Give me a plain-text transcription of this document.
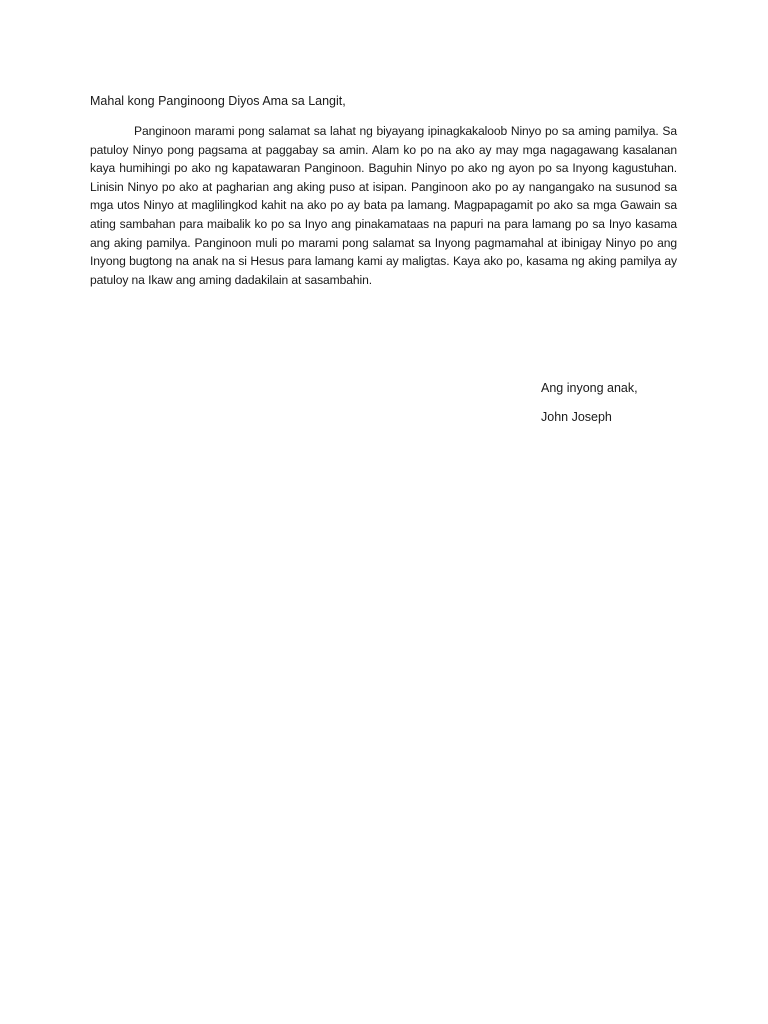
Mahal kong Panginoong Diyos Ama sa Langit,

Panginoon marami pong salamat sa lahat ng biyayang ipinagkakaloob Ninyo po sa aming pamilya. Sa patuloy Ninyo pong pagsama at paggabay sa amin. Alam ko po na ako ay may mga nagagawang kasalanan kaya humihingi po ako ng kapatawaran Panginoon. Baguhin Ninyo po ako ng ayon po sa Inyong kagustuhan. Linisin Ninyo po ako at pagharian ang aking puso at isipan. Panginoon ako po ay nangangako na susunod sa mga utos Ninyo at maglilingkod kahit na ako po ay bata pa lamang. Magpapagamit po ako sa mga Gawain sa ating sambahan para maibalik ko po sa Inyo ang pinakamataas na papuri na para lamang po sa Inyo kasama ang aking pamilya. Panginoon muli po marami pong salamat sa Inyong pagmamahal at ibinigay Ninyo po ang Inyong bugtong na anak na si Hesus para lamang kami ay maligtas. Kaya ako po, kasama ng aking pamilya ay patuloy na Ikaw ang aming dadakilain at sasambahin.

Ang inyong anak,
John Joseph
